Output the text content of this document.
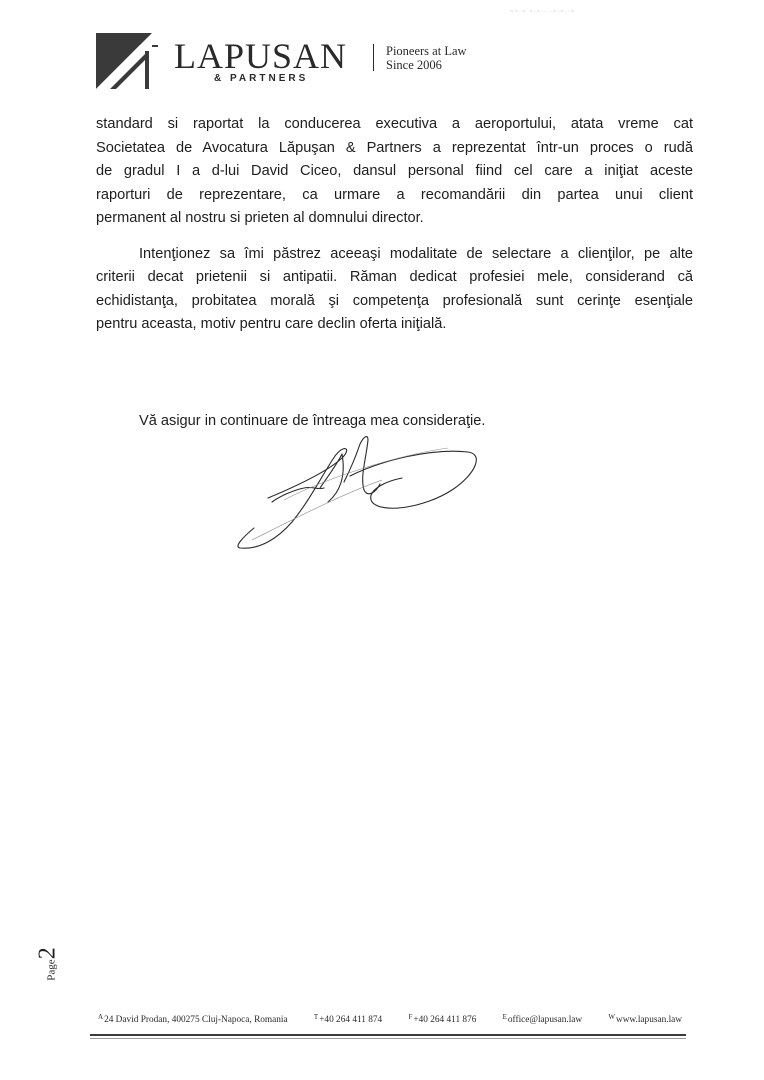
~~·~ ~·~·· ·~·~··~
LAPUSAN
& PARTNERS
Pioneers at Law
Since 2006

standard si raportat la conducerea executiva a aeroportului, atata vreme cat
Societatea de Avocatura Lăpuşan & Partners a reprezentat într-un proces o rudă
de gradul I a d-lui David Ciceo, dansul personal fiind cel care a iniţiat aceste
raporturi de reprezentare, ca urmare a recomandării din partea unui client
permanent al nostru si prieten al domnului director.

Intenţionez sa îmi păstrez aceeaşi modalitate de selectare a clienţilor, pe alte
criterii decat prietenii si antipatii. Răman dedicat profesiei mele, considerand că
echidistanţa, probitatea morală şi competenţa profesională sunt cerinţe esenţiale
pentru aceasta, motiv pentru care declin oferta iniţială.

Vă asigur in continuare de întreaga mea consideraţie.
Page2
$^A$24 David Prodan, 400275 Cluj-Napoca, Romania	$^T$+40 264 411 874	$^F$+40 264 411 876	$^E$office@lapusan.law	$^W$www.lapusan.law
